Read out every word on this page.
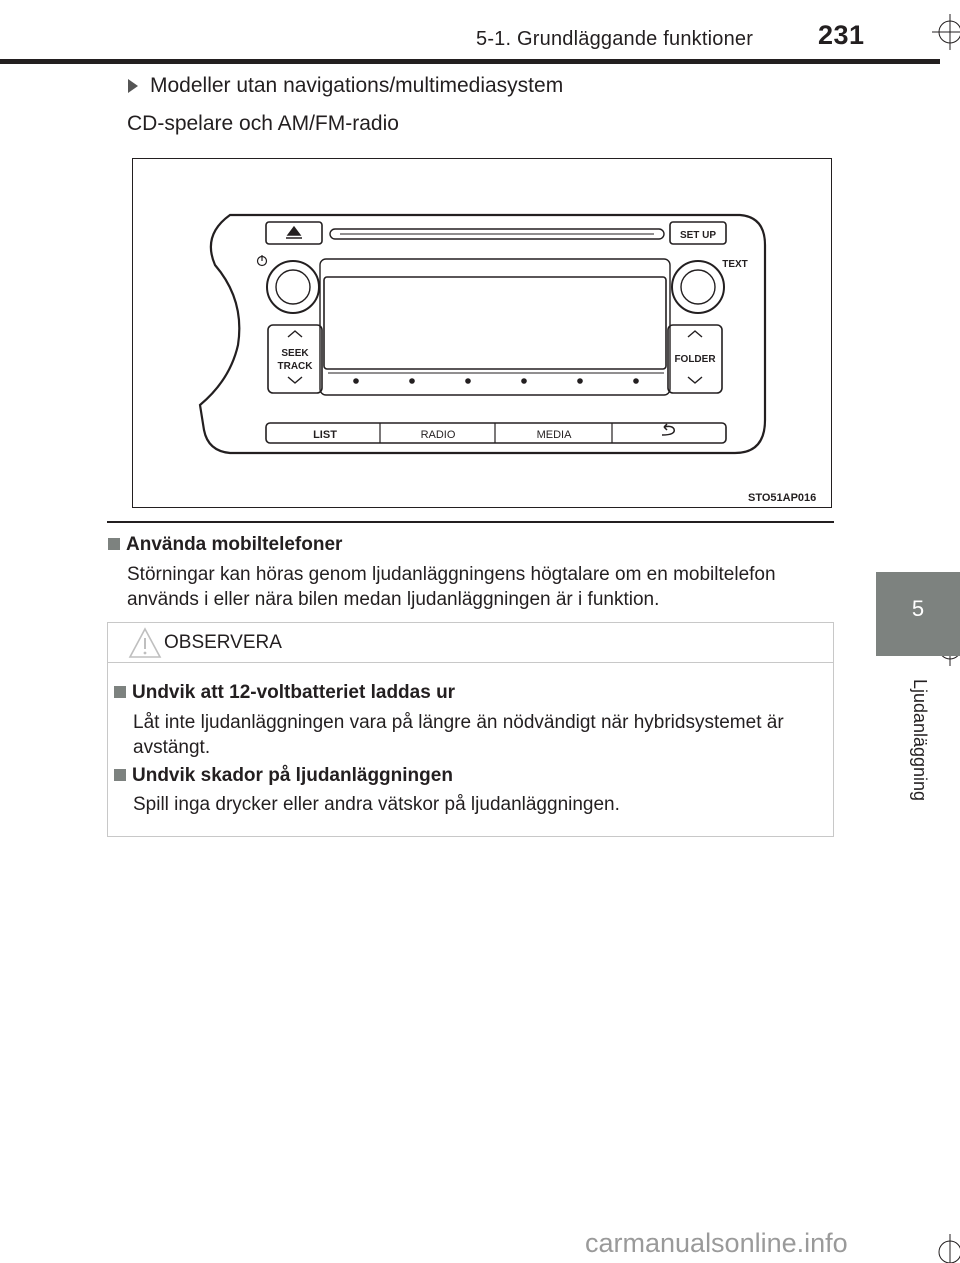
5-1. Grundläggande funktioner 231
5
Ljudanläggning
Modeller utan navigations/multimediasystem
CD-spelare och AM/FM-radio
SET UP
TEXT
SEEK
TRACK
FOLDER
LIST	RADIO	MEDIA
STO51AP016
Använda mobiltelefoner
Störningar kan höras genom ljudanläggningens högtalare om en mobiltelefon används i eller nära bilen medan ljudanläggningen är i funktion.
OBSERVERA
Undvik att 12-voltbatteriet laddas ur
Låt inte ljudanläggningen vara på längre än nödvändigt när hybridsystemet är avstängt.
Undvik skador på ljudanläggningen
Spill inga drycker eller andra vätskor på ljudanläggningen.
carmanualsonline.info
